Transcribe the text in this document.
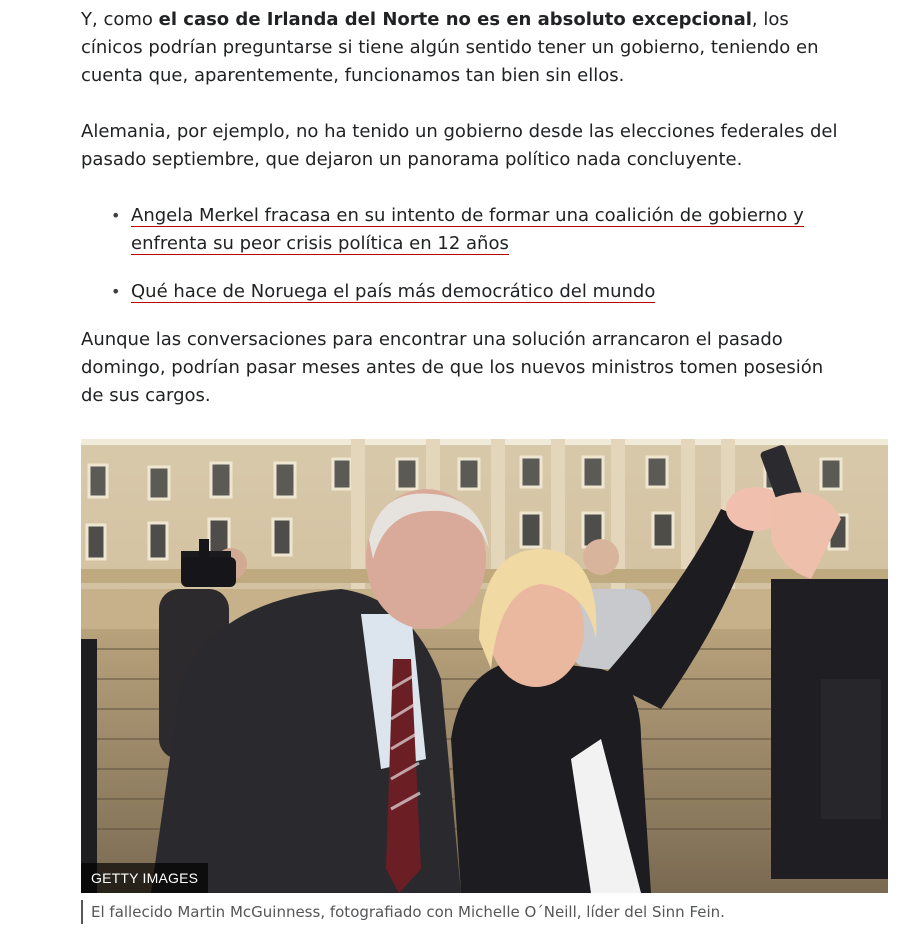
Y, como el caso de Irlanda del Norte no es en absoluto excepcional, los cínicos podrían preguntarse si tiene algún sentido tener un gobierno, teniendo en cuenta que, aparentemente, funcionamos tan bien sin ellos.

Alemania, por ejemplo, no ha tenido un gobierno desde las elecciones federales del pasado septiembre, que dejaron un panorama político nada concluyente.

• Angela Merkel fracasa en su intento de formar una coalición de gobierno y enfrenta su peor crisis política en 12 años
• Qué hace de Noruega el país más democrático del mundo

Aunque las conversaciones para encontrar una solución arrancaron el pasado domingo, podrían pasar meses antes de que los nuevos ministros tomen posesión de sus cargos.

GETTY IMAGES
El fallecido Martin McGuinness, fotografiado con Michelle O´Neill, líder del Sinn Fein.
